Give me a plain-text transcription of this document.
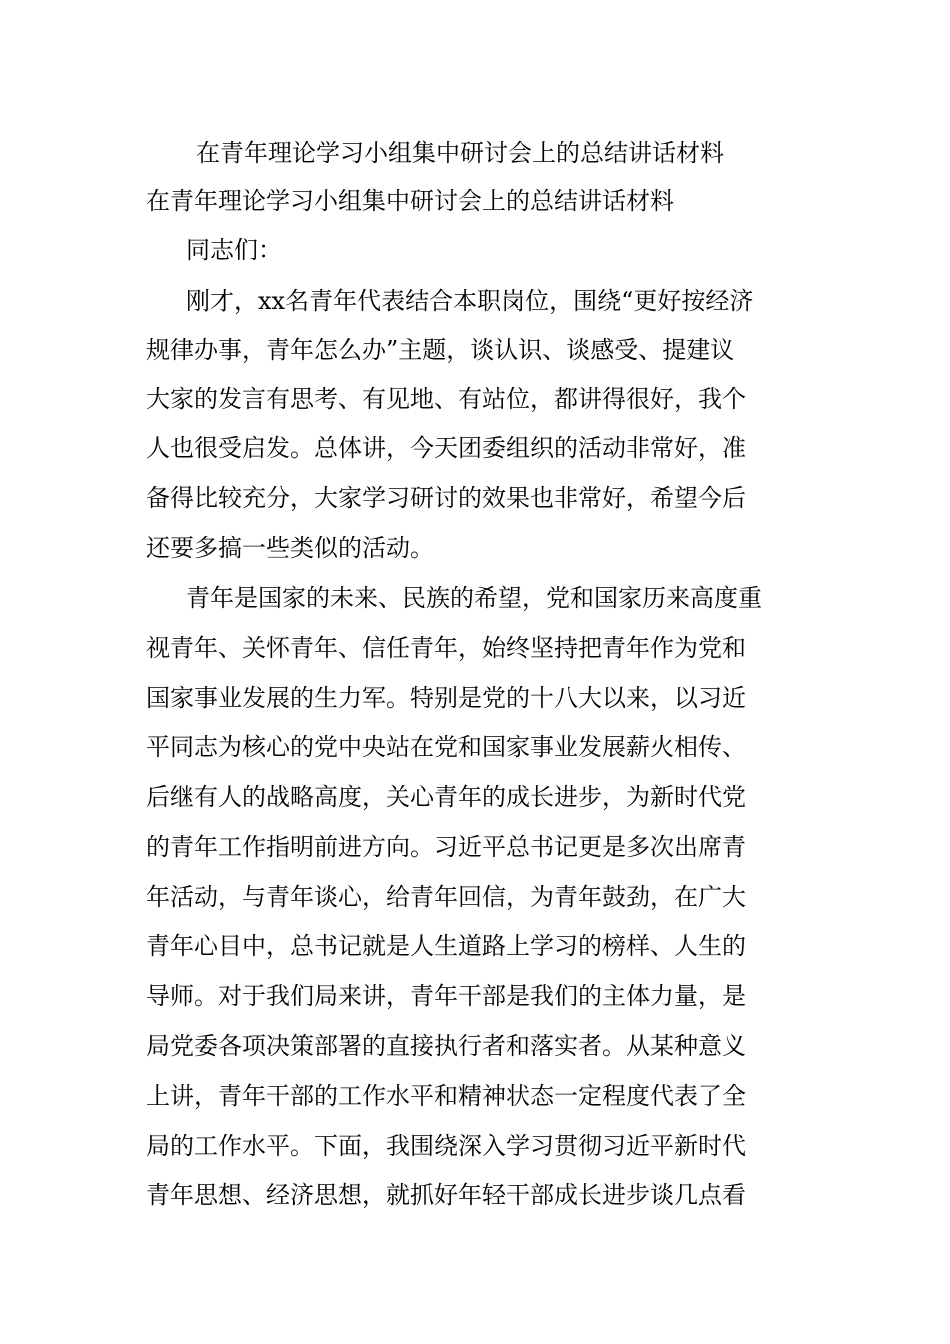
在青年理论学习小组集中研讨会上的总结讲话材料
在青年理论学习小组集中研讨会上的总结讲话材料
同志们：
刚才，xx名青年代表结合本职岗位，围绕“更好按经济
规律办事，青年怎么办”主题，谈认识、谈感受、提建议
大家的发言有思考、有见地、有站位，都讲得很好，我个
人也很受启发。总体讲，今天团委组织的活动非常好，准
备得比较充分，大家学习研讨的效果也非常好，希望今后
还要多搞一些类似的活动。
青年是国家的未来、民族的希望，党和国家历来高度重
视青年、关怀青年、信任青年，始终坚持把青年作为党和
国家事业发展的生力军。特别是党的十八大以来，以习近
平同志为核心的党中央站在党和国家事业发展薪火相传、
后继有人的战略高度，关心青年的成长进步，为新时代党
的青年工作指明前进方向。习近平总书记更是多次出席青
年活动，与青年谈心，给青年回信，为青年鼓劲，在广大
青年心目中，总书记就是人生道路上学习的榜样、人生的
导师。对于我们局来讲，青年干部是我们的主体力量，是
局党委各项决策部署的直接执行者和落实者。从某种意义
上讲，青年干部的工作水平和精神状态一定程度代表了全
局的工作水平。下面，我围绕深入学习贯彻习近平新时代
青年思想、经济思想，就抓好年轻干部成长进步谈几点看
